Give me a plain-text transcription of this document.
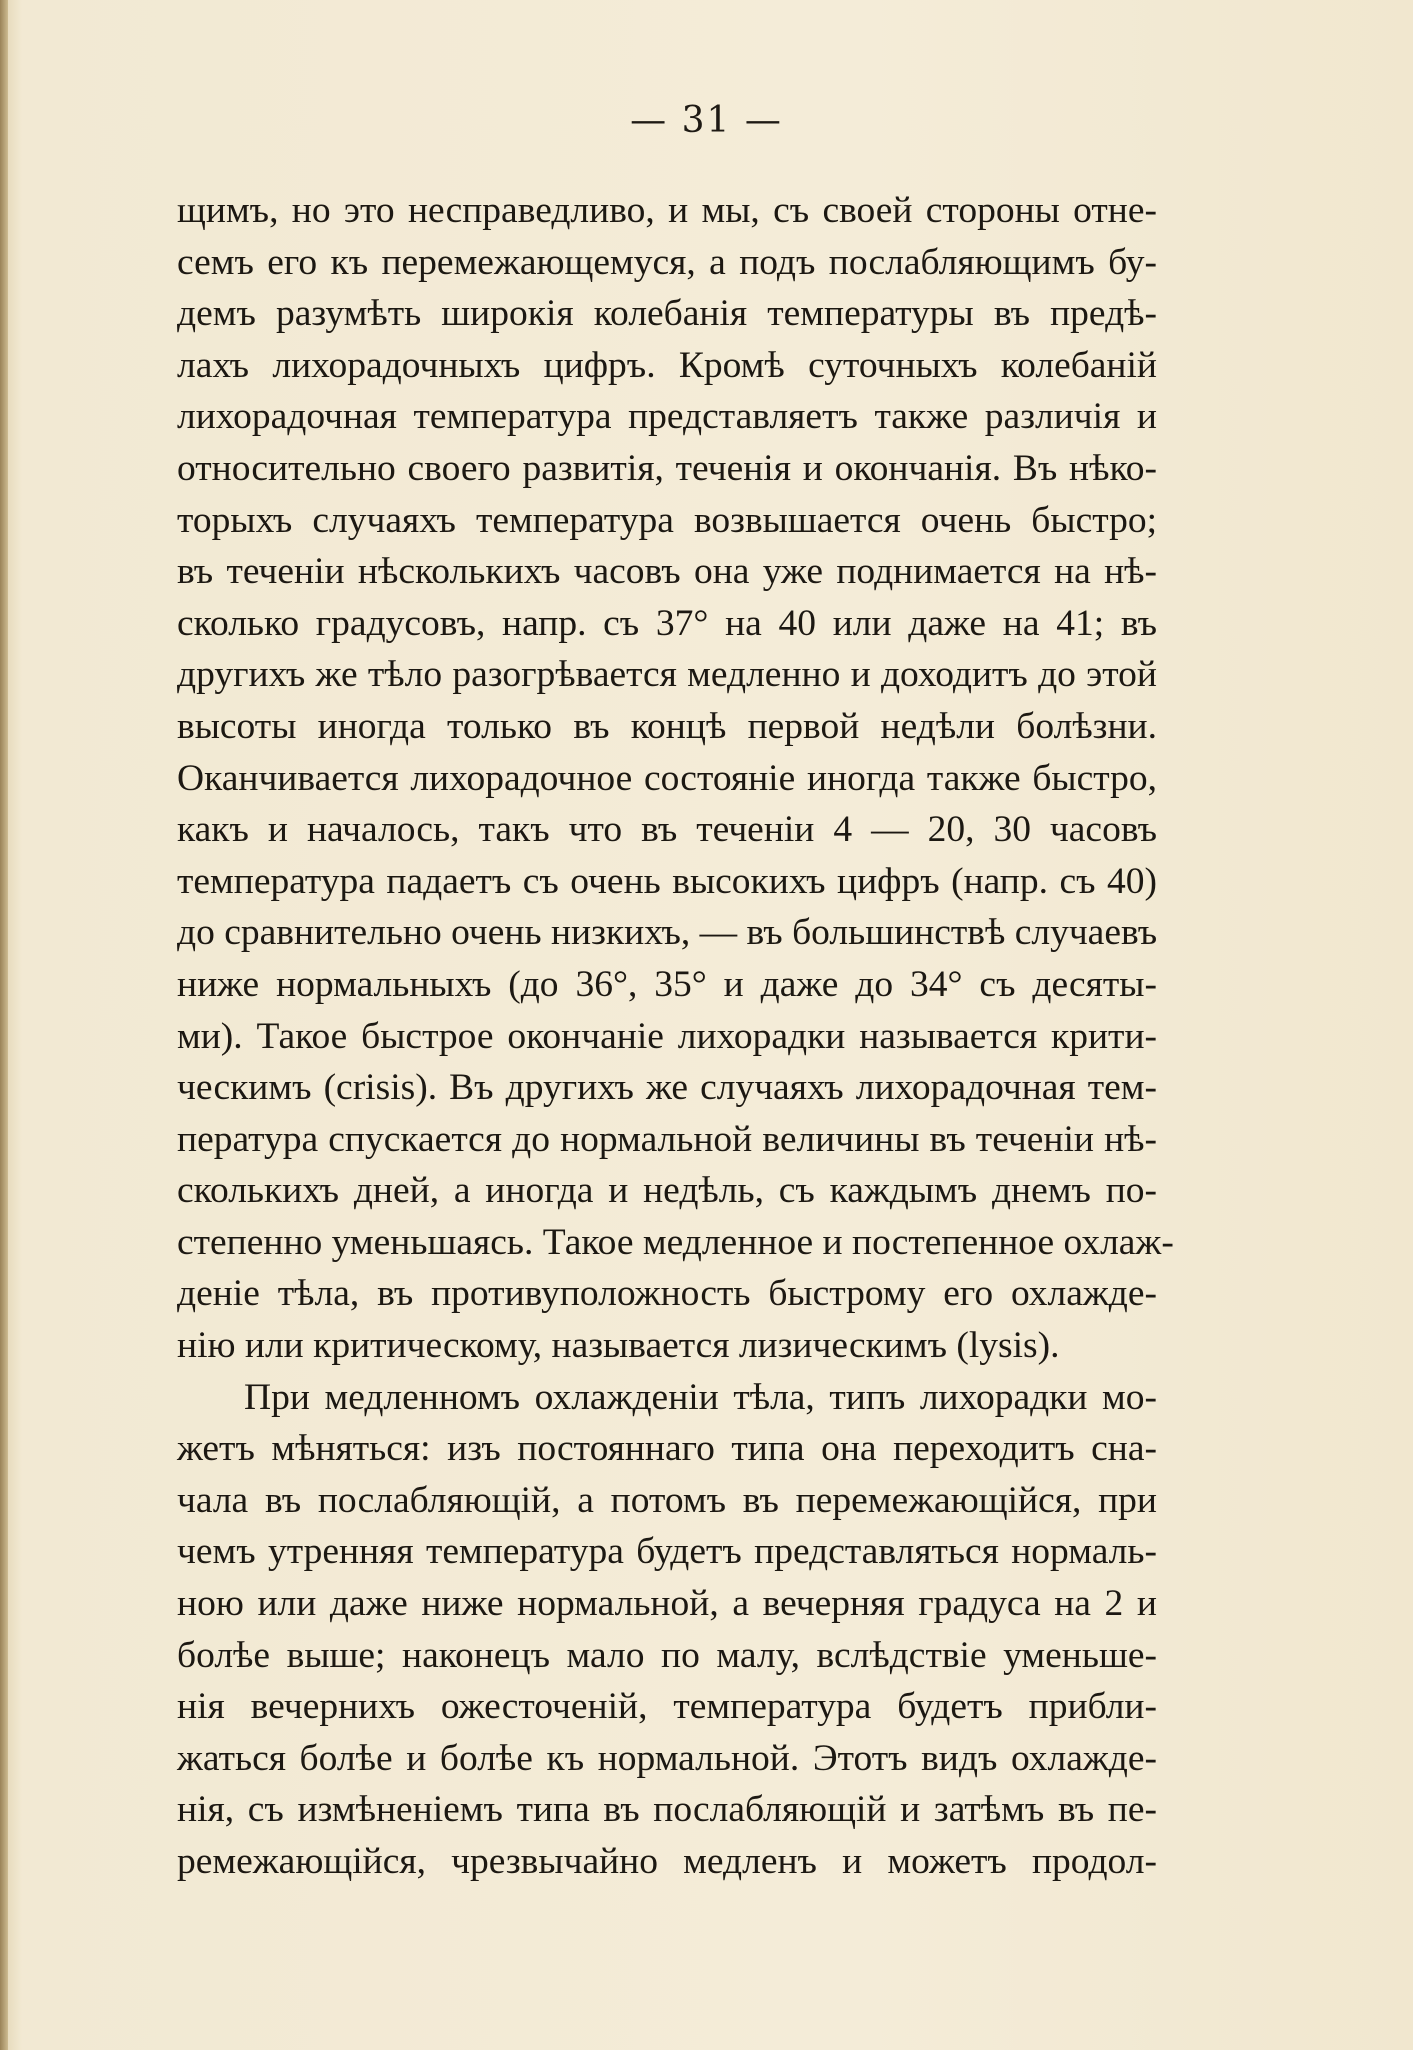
— 31 —
щимъ, но это несправедливо, и мы, съ своей стороны отне-
семъ его къ перемежающемуся, а подъ послабляющимъ бу-
демъ разумѣть широкія колебанія температуры въ предѣ-
лахъ лихорадочныхъ цифръ. Кромѣ суточныхъ колебаній
лихорадочная температура представляетъ также различія и
относительно своего развитія, теченія и окончанія. Въ нѣко-
торыхъ случаяхъ температура возвышается очень быстро;
въ теченіи нѣсколькихъ часовъ она уже поднимается на нѣ-
сколько градусовъ, напр. съ 37° на 40 или даже на 41; въ
другихъ же тѣло разогрѣвается медленно и доходитъ до этой
высоты иногда только въ концѣ первой недѣли болѣзни.
Оканчивается лихорадочное состояніе иногда также быстро,
какъ и началось, такъ что въ теченіи 4 — 20, 30 часовъ
температура падаетъ съ очень высокихъ цифръ (напр. съ 40)
до сравнительно очень низкихъ, — въ большинствѣ случаевъ
ниже нормальныхъ (до 36°, 35° и даже до 34° съ десяты-
ми). Такое быстрое окончаніе лихорадки называется крити-
ческимъ (crisis). Въ другихъ же случаяхъ лихорадочная тем-
пература спускается до нормальной величины въ теченіи нѣ-
сколькихъ дней, а иногда и недѣль, съ каждымъ днемъ по-
степенно уменьшаясь. Такое медленное и постепенное охлаж-
деніе тѣла, въ противуположность быстрому его охлажде-
нію или критическому, называется лизическимъ (lysis).
При медленномъ охлажденіи тѣла, типъ лихорадки мо-
жетъ мѣняться: изъ постояннаго типа она переходитъ сна-
чала въ послабляющій, а потомъ въ перемежающійся, при
чемъ утренняя температура будетъ представляться нормаль-
ною или даже ниже нормальной, а вечерняя градуса на 2 и
болѣе выше; наконецъ мало по малу, вслѣдствіе уменьше-
нія вечернихъ ожесточеній, температура будетъ прибли-
жаться болѣе и болѣе къ нормальной. Этотъ видъ охлажде-
нія, съ измѣненіемъ типа въ послабляющій и затѣмъ въ пе-
ремежающійся, чрезвычайно медленъ и можетъ продол-
